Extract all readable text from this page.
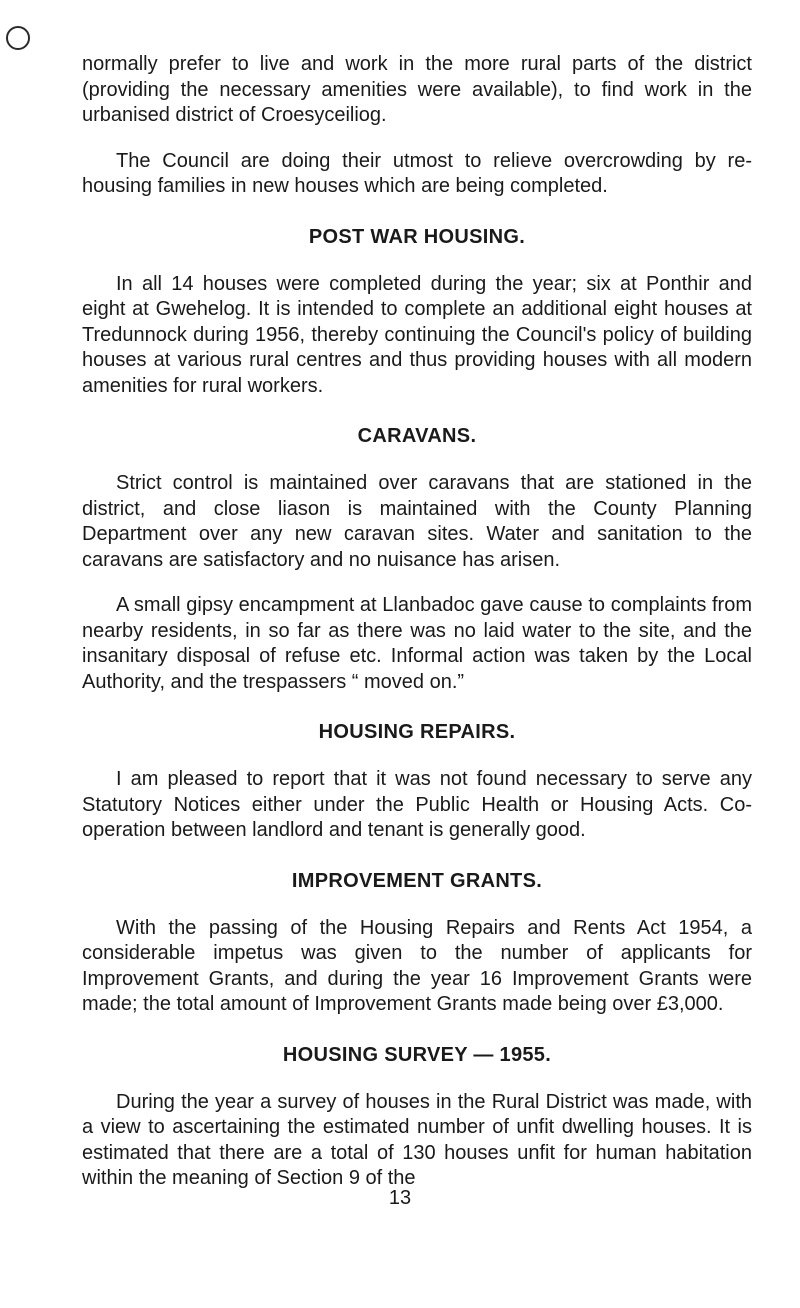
normally prefer to live and work in the more rural parts of the district (providing the necessary amenities were available), to find work in the urbanised district of Croesyceiliog.

The Council are doing their utmost to relieve overcrowding by re-housing families in new houses which are being completed.

POST WAR HOUSING.

In all 14 houses were completed during the year; six at Ponthir and eight at Gwehelog. It is intended to complete an additional eight houses at Tredunnock during 1956, thereby continuing the Council's policy of building houses at various rural centres and thus providing houses with all modern amenities for rural workers.

CARAVANS.

Strict control is maintained over caravans that are stationed in the district, and close liason is maintained with the County Planning Department over any new caravan sites. Water and sanitation to the caravans are satisfactory and no nuisance has arisen.

A small gipsy encampment at Llanbadoc gave cause to complaints from nearby residents, in so far as there was no laid water to the site, and the insanitary disposal of refuse etc. Informal action was taken by the Local Authority, and the trespassers “ moved on.”

HOUSING REPAIRS.

I am pleased to report that it was not found necessary to serve any Statutory Notices either under the Public Health or Housing Acts. Co-operation between landlord and tenant is generally good.

IMPROVEMENT GRANTS.

With the passing of the Housing Repairs and Rents Act 1954, a considerable impetus was given to the number of applicants for Improvement Grants, and during the year 16 Improvement Grants were made; the total amount of Improvement Grants made being over £3,000.

HOUSING SURVEY — 1955.

During the year a survey of houses in the Rural District was made, with a view to ascertaining the estimated number of unfit dwelling houses. It is estimated that there are a total of 130 houses unfit for human habitation within the meaning of Section 9 of the

13
